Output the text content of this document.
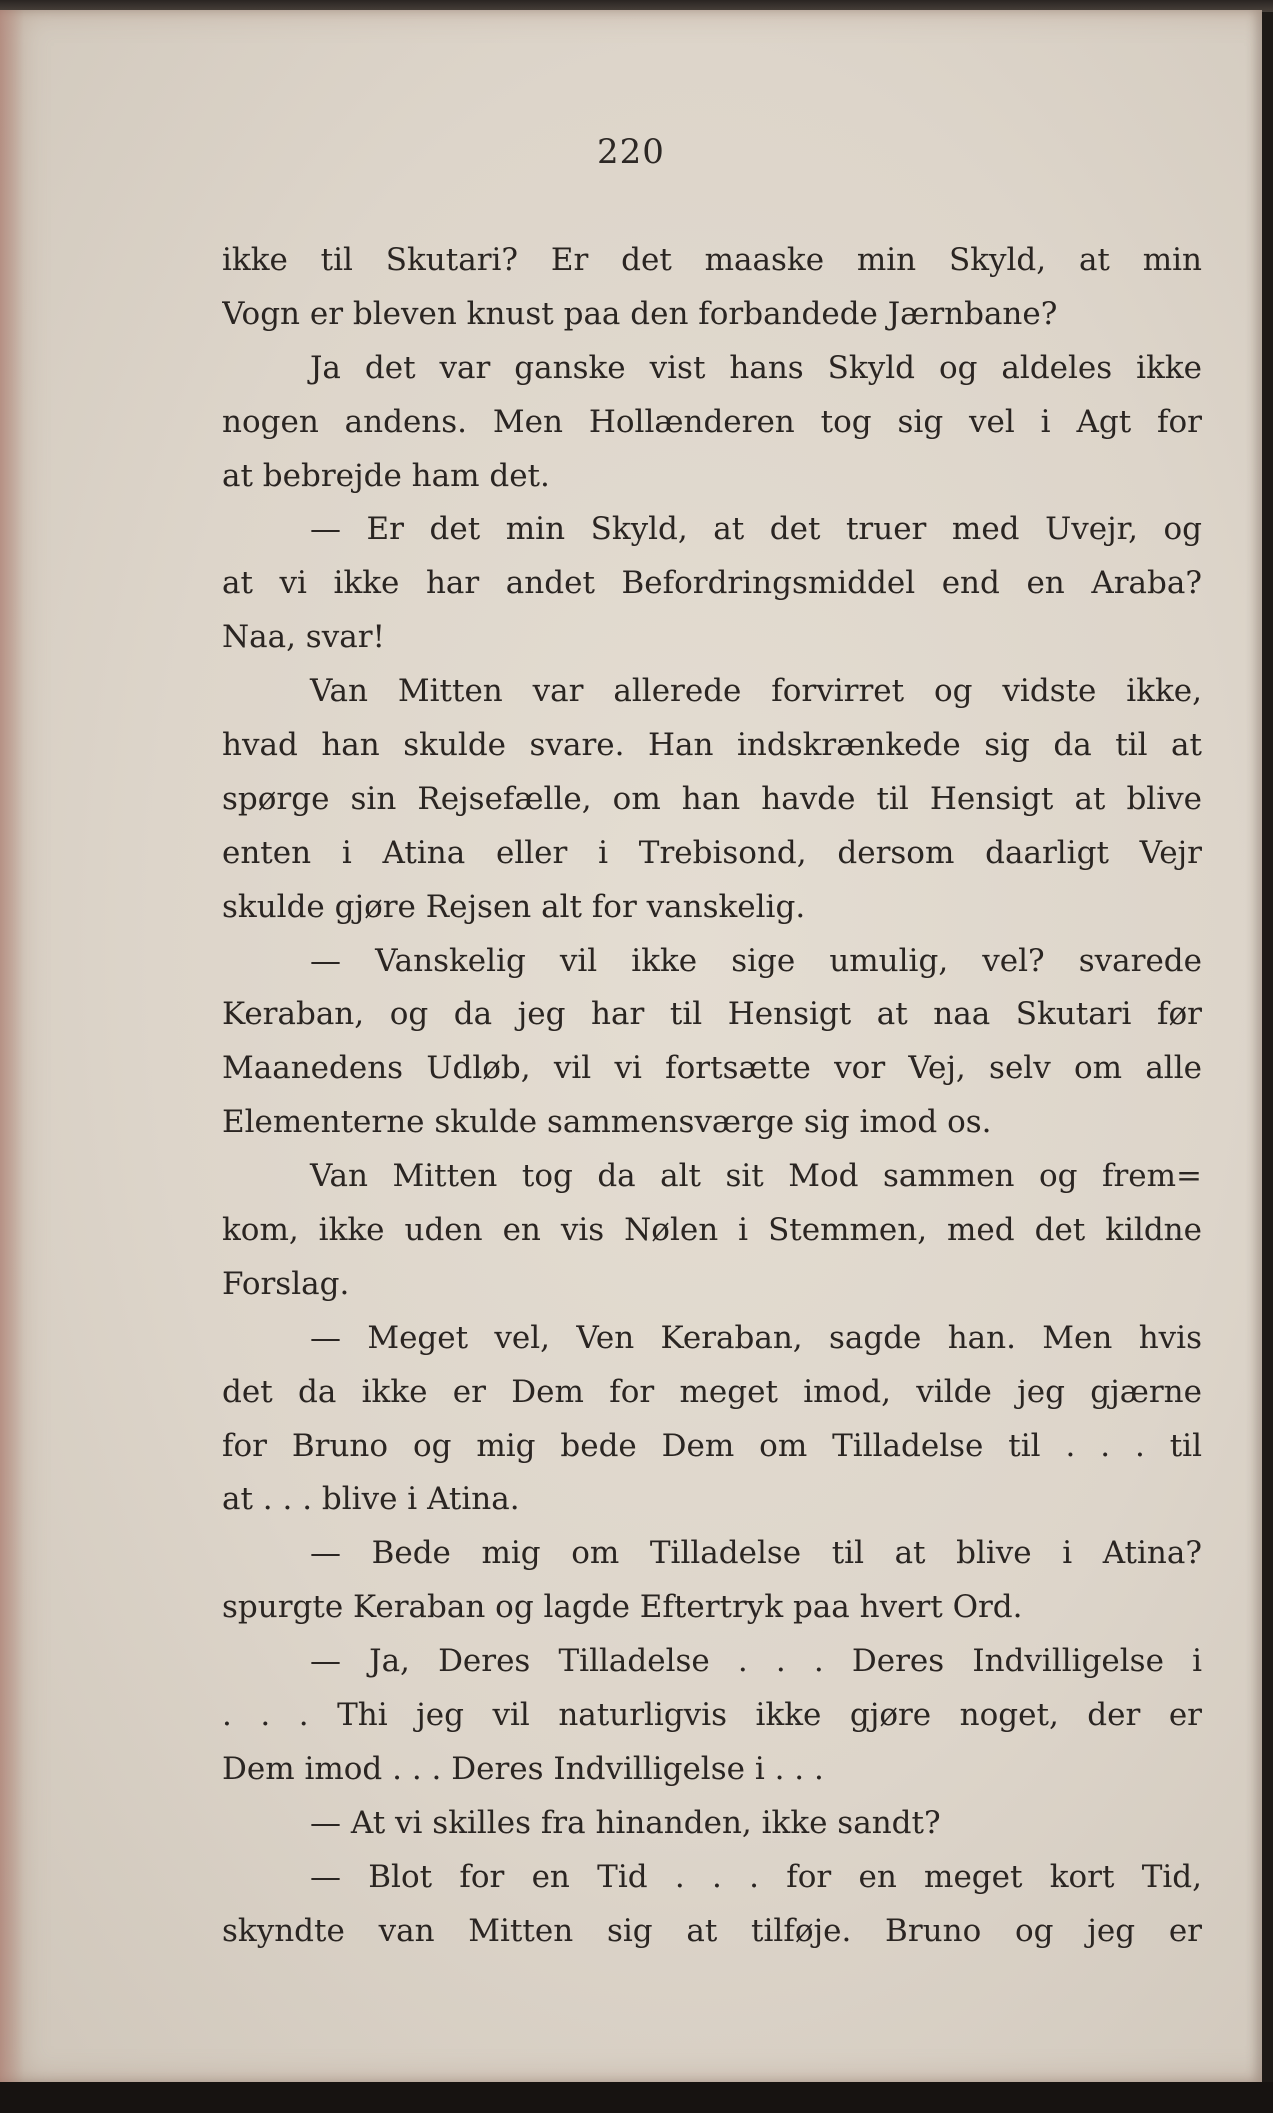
220
ikke til Skutari? Er det maaske min Skyld, at min
Vogn er bleven knust paa den forbandede Jærnbane?
Ja det var ganske vist hans Skyld og aldeles ikke
nogen andens. Men Hollænderen tog sig vel i Agt for
at bebrejde ham det.
— Er det min Skyld, at det truer med Uvejr, og
at vi ikke har andet Befordringsmiddel end en Araba?
Naa, svar!
Van Mitten var allerede forvirret og vidste ikke,
hvad han skulde svare. Han indskrænkede sig da til at
spørge sin Rejsefælle, om han havde til Hensigt at blive
enten i Atina eller i Trebisond, dersom daarligt Vejr
skulde gjøre Rejsen alt for vanskelig.
— Vanskelig vil ikke sige umulig, vel? svarede
Keraban, og da jeg har til Hensigt at naa Skutari før
Maanedens Udløb, vil vi fortsætte vor Vej, selv om alle
Elementerne skulde sammensværge sig imod os.
Van Mitten tog da alt sit Mod sammen og frem=
kom, ikke uden en vis Nølen i Stemmen, med det kildne
Forslag.
— Meget vel, Ven Keraban, sagde han. Men hvis
det da ikke er Dem for meget imod, vilde jeg gjærne
for Bruno og mig bede Dem om Tilladelse til . . . til
at . . . blive i Atina.
— Bede mig om Tilladelse til at blive i Atina?
spurgte Keraban og lagde Eftertryk paa hvert Ord.
— Ja, Deres Tilladelse . . . Deres Indvilligelse i
. . . Thi jeg vil naturligvis ikke gjøre noget, der er
Dem imod . . . Deres Indvilligelse i . . .
— At vi skilles fra hinanden, ikke sandt?
— Blot for en Tid . . . for en meget kort Tid,
skyndte van Mitten sig at tilføje. Bruno og jeg er
